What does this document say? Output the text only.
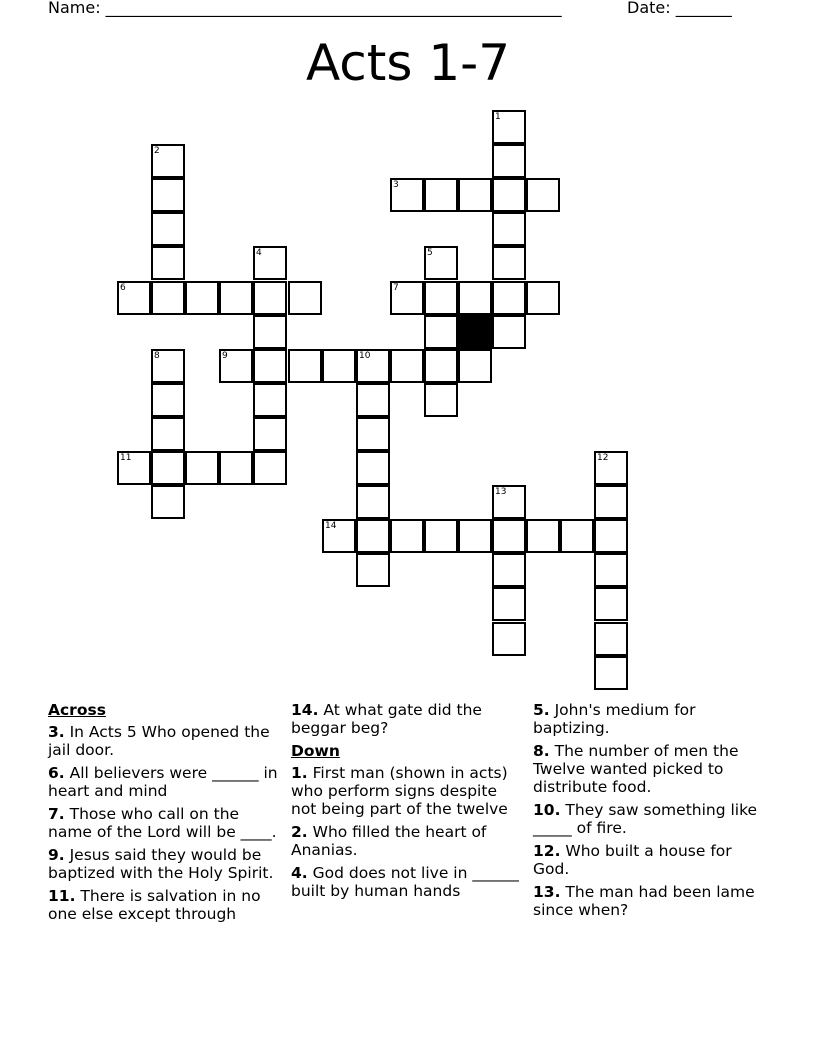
Name: _________________________________________________________	Date: _______
Acts 1-7
3
6	7
9	10
11
14
1
2
4	5
8
12
13
Across
3. In Acts 5 Who opened the jail door.
6. All believers were ______ in heart and mind
7. Those who call on the name of the Lord will be ____.
9. Jesus said they would be baptized with the Holy Spirit.
11. There is salvation in no one else except through
14. At what gate did the beggar beg?
Down
1. First man (shown in acts) who perform signs despite not being part of the twelve
2. Who filled the heart of Ananias.
4. God does not live in ______ built by human hands
5. John's medium for baptizing.
8. The number of men the Twelve wanted picked to distribute food.
10. They saw something like _____ of fire.
12. Who built a house for God.
13. The man had been lame since when?
